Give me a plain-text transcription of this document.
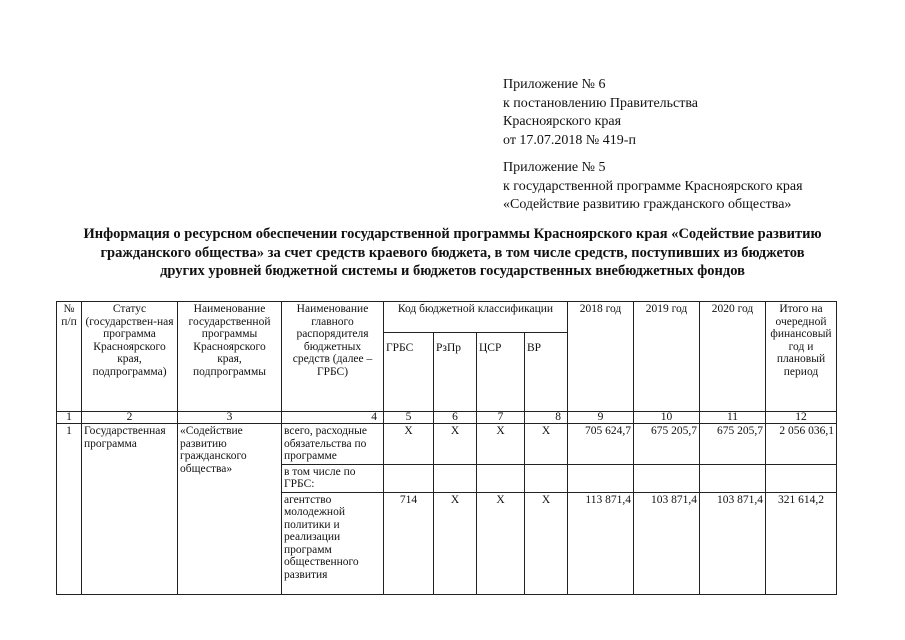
Приложение № 6
к постановлению Правительства
Красноярского края
от 17.07.2018 № 419-п
Приложение № 5
к государственной программе Красноярского края
«Содействие развитию гражданского общества»
Информация о ресурсном обеспечении государственной программы Красноярского края «Содействие развитию
гражданского общества» за счет средств краевого бюджета, в том числе средств, поступивших из бюджетов
других уровней бюджетной системы и бюджетов государственных внебюджетных фондов
№ п/п	Статус (государствен-ная программа Красноярского края, подпрограмма)	Наименование государственной программы Красноярского края, подпрограммы	Наименование главного распорядителя бюджетных средств (далее – ГРБС)	Код бюджетной классификации				2018 год	2019 год	2020 год	Итого на очередной финансовый год и плановый период
				ГРБС	РзПр	ЦСР	ВР				
1	2	3	4	5	6	7	8	9	10	11	12
1	Государственная программа	«Содействие развитию гражданского общества»	всего, расходные обязательства по программе	Х	Х	Х	Х	705 624,7	675 205,7	675 205,7	2 056 036,1
			в том числе по ГРБС:								
			агентство молодежной политики и реализации программ общественного развития	714	Х	Х	Х	113 871,4	103 871,4	103 871,4	321 614,2
